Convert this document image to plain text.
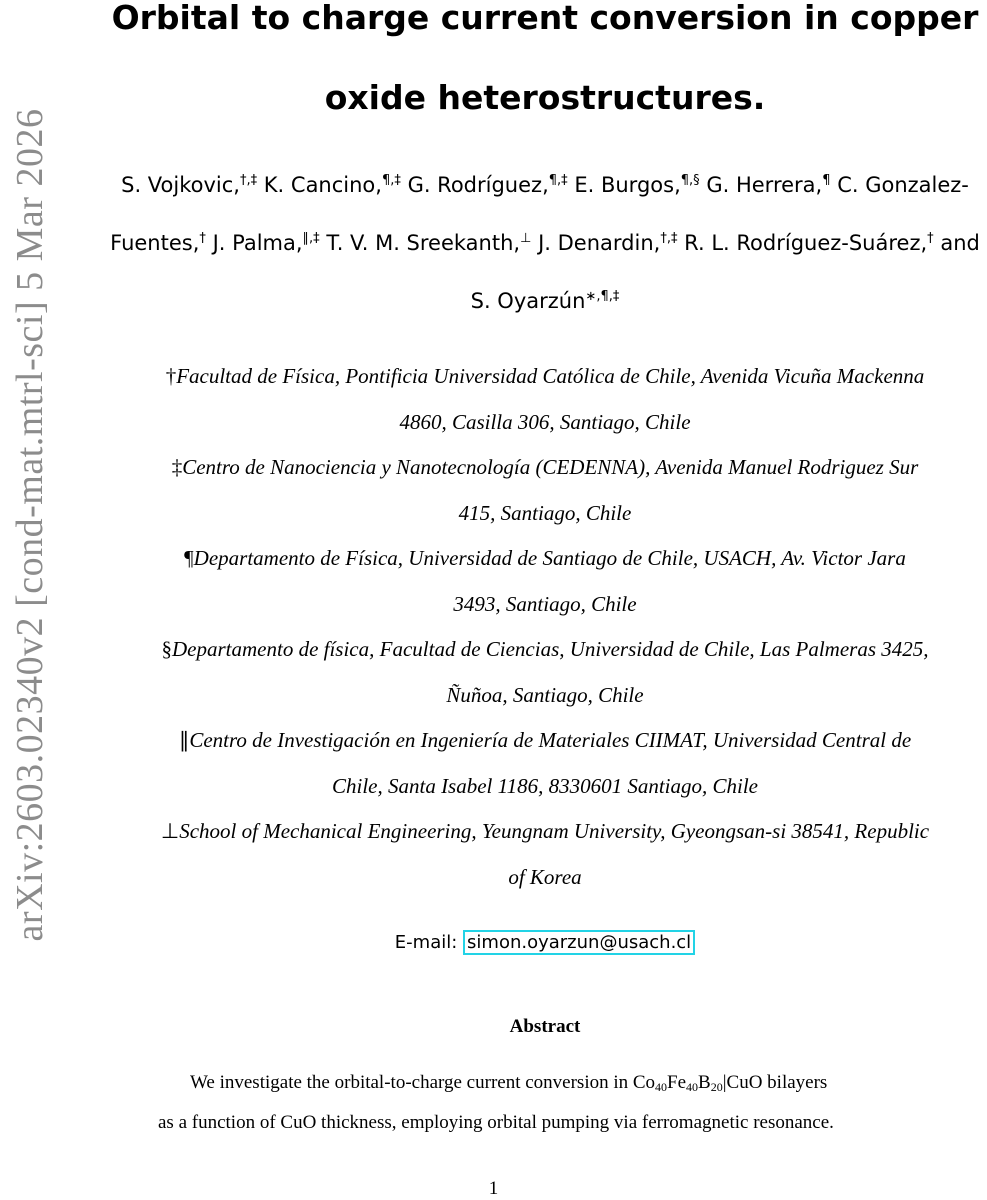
arXiv:2603.02340v2 [cond-mat.mtrl-sci] 5 Mar 2026
Orbital to charge current conversion in copper
oxide heterostructures.
S. Vojkovic,†,‡ K. Cancino,¶,‡ G. Rodríguez,¶,‡ E. Burgos,¶,§ G. Herrera,¶ C. Gonzalez-Fuentes,† J. Palma,∥,‡ T. V. M. Sreekanth,⊥ J. Denardin,†,‡ R. L. Rodríguez-Suárez,† and S. Oyarzún∗,¶,‡
†Facultad de Física, Pontificia Universidad Católica de Chile, Avenida Vicuña Mackenna
4860, Casilla 306, Santiago, Chile
‡Centro de Nanociencia y Nanotecnología (CEDENNA), Avenida Manuel Rodriguez Sur
415, Santiago, Chile
¶Departamento de Física, Universidad de Santiago de Chile, USACH, Av. Victor Jara
3493, Santiago, Chile
§Departamento de física, Facultad de Ciencias, Universidad de Chile, Las Palmeras 3425,
Ñuñoa, Santiago, Chile
∥Centro de Investigación en Ingeniería de Materiales CIIMAT, Universidad Central de
Chile, Santa Isabel 1186, 8330601 Santiago, Chile
⊥School of Mechanical Engineering, Yeungnam University, Gyeongsan-si 38541, Republic
of Korea
E-mail: simon.oyarzun@usach.cl
Abstract
We investigate the orbital-to-charge current conversion in $Co_{40}Fe_{40}B_{20}|CuO$ bilayers
as a function of CuO thickness, employing orbital pumping via ferromagnetic resonance.
1
